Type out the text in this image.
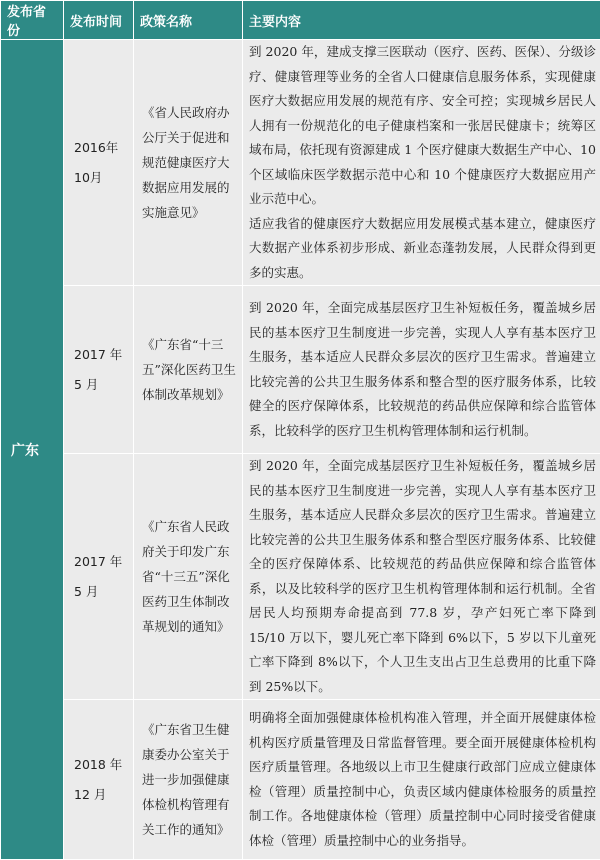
发布省份	发布时间	政策名称	主要内容
广东	2016年10月	《省人民政府办公厅关于促进和规范健康医疗大数据应用发展的实施意见》	到 2020 年，建成支撑三医联动（医疗、医药、医保）、分级诊疗、健康管理等业务的全省人口健康信息服务体系，实现健康医疗大数据应用发展的规范有序、安全可控；实现城乡居民人人拥有一份规范化的电子健康档案和一张居民健康卡；统筹区域布局，依托现有资源建成 1 个医疗健康大数据生产中心、10 个区域临床医学数据示范中心和 10 个健康医疗大数据应用产业示范中心。

适应我省的健康医疗大数据应用发展模式基本建立，健康医疗大数据产业体系初步形成、新业态蓬勃发展，人民群众得到更多的实惠。

	2017 年 5 月	《广东省“十三五”深化医药卫生体制改革规划》	到 2020 年，全面完成基层医疗卫生补短板任务，覆盖城乡居民的基本医疗卫生制度进一步完善，实现人人享有基本医疗卫生服务，基本适应人民群众多层次的医疗卫生需求。普遍建立比较完善的公共卫生服务体系和整合型的医疗服务体系，比较健全的医疗保障体系，比较规范的药品供应保障和综合监管体系，比较科学的医疗卫生机构管理体制和运行机制。

	2017 年 5 月	《广东省人民政府关于印发广东省“十三五”深化医药卫生体制改革规划的通知》	到 2020 年，全面完成基层医疗卫生补短板任务，覆盖城乡居民的基本医疗卫生制度进一步完善，实现人人享有基本医疗卫生服务，基本适应人民群众多层次的医疗卫生需求。普遍建立比较完善的公共卫生服务体系和整合型医疗服务体系、比较健全的医疗保障体系、比较规范的药品供应保障和综合监管体系，以及比较科学的医疗卫生机构管理体制和运行机制。全省居民人均预期寿命提高到 77.8 岁，孕产妇死亡率下降到 15/10 万以下，婴儿死亡率下降到 6%以下，5 岁以下儿童死亡率下降到 8%以下，个人卫生支出占卫生总费用的比重下降到 25%以下。

	2018 年 12 月	《广东省卫生健康委办公室关于进一步加强健康体检机构管理有关工作的通知》	明确将全面加强健康体检机构准入管理，并全面开展健康体检机构医疗质量管理及日常监督管理。要全面开展健康体检机构医疗质量管理。各地级以上市卫生健康行政部门应成立健康体检（管理）质量控制中心，负责区域内健康体检服务的质量控制工作。各地健康体检（管理）质量控制中心同时接受省健康体检（管理）质量控制中心的业务指导。
